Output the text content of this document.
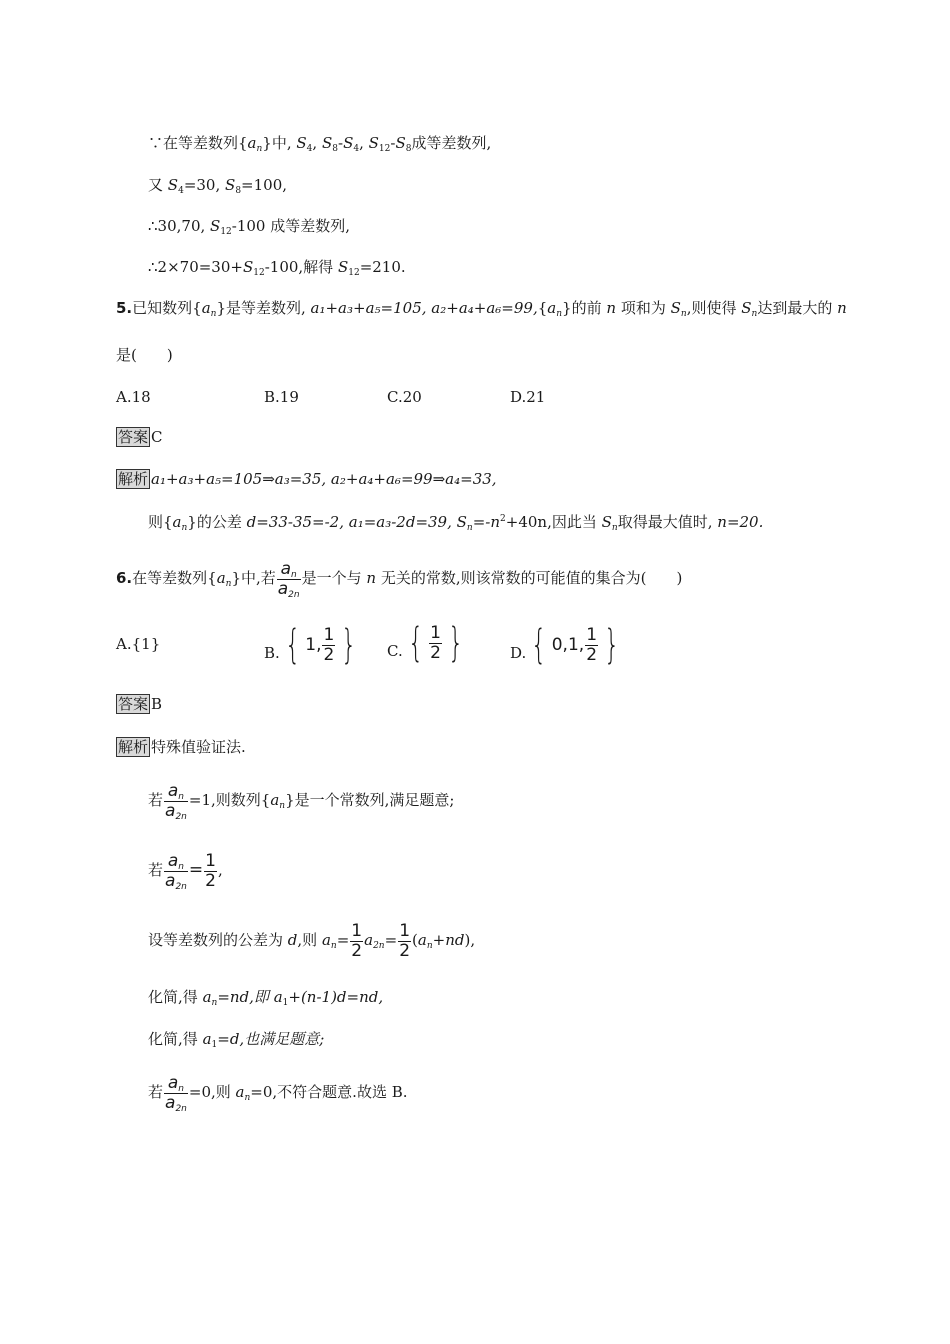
∵在等差数列$\{a_n\}$中, $S_4$, $S_8-S_4$, $S_{12}-S_8$成等差数列,
又 $S_4=30$, $S_8=100$,
∴30,70, $S_{12}-100$ 成等差数列,
$\therefore 2\times 70=30+S_{12}-100$,解得 $S_{12}=210$.
5.已知数列$\{a_n\}$是等差数列, a₁+a₃+a₅=105, $a_2+a_4+a_6=99,\{a_n\}$的前 n 项和为 $S_n$,则使得 $S_n$达到最大的 n
是(　　)
A.18	B.19	C.20	D.21
答案 C
解析 a₁+a₃+a₅=105⇒a₃=35, a₂+a₄+a₆=99⇒a₄=33,
则$\{a_n\}$的公差 d=33-35=-2, a₁=a₃-2d=39, $S_n=-n^2+40n$,因此当 $S_n$取得最大值时, n=20.
6.在等差数列$\{a_n\}$中,若 $\frac{a_n}{a_{2n}}$ 是一个与 n 无关的常数,则该常数的可能值的集合为(　　)
A.{1}	B. { 1 , $\frac{1}{2}$ } C. { $\frac{1}{2}$ }	D. { 0 , 1 , $\frac{1}{2}$ }
答案 B
解析 特殊值验证法.
若 $\frac{a_n}{a_{2n}} =1$,则数列$\{a_n\}$是一个常数列,满足题意;
若 $\frac{a_n}{a_{2n}} = \frac{1}{2}$ ,
设等差数列的公差为 d,则 $a_n= \frac{1}{2} a_{2n}= \frac{1}{2} (a_n+nd)$,
化简,得 $a_n=nd$,即 $a_1+(n-1)d=nd$,
化简,得 $a_1=d$,也满足题意;
若 $\frac{a_n}{a_{2n}} =0$,则 $a_n=0$,不符合题意.故选 B.
